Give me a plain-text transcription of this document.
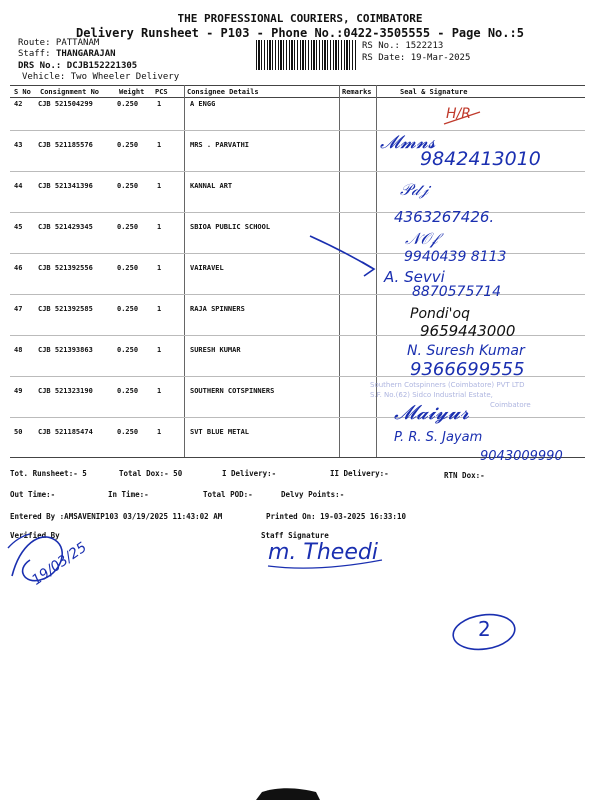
THE PROFESSIONAL COURIERS, COIMBATORE
Delivery Runsheet - P103 - Phone No.:0422-3505555 - Page No.:5
Route: PATTANAM
Staff: THANGARAJAN
DRS No.: DCJB152221305
Vehicle: Two Wheeler Delivery
RS No.: 1522213
RS Date: 19-Mar-2025
S No Consignment No	Weight PCS	Consignee Details	Remarks	Seal & Signature
42 CJB 521504299	0.250	1	A ENGG
43 CJB 521185576	0.250	1	MRS . PARVATHI
44 CJB 521341396	0.250	1	KANNAL ART
45 CJB 521429345	0.250	1	SBIOA PUBLIC SCHOOL
46 CJB 521392556	0.250	1	VAIRAVEL
47 CJB 521392585	0.250	1	RAJA SPINNERS
48 CJB 521393863	0.250	1	SURESH KUMAR
49 CJB 521323190	0.250	1	SOUTHERN COTSPINNERS
50 CJB 521185474	0.250	1	SVT BLUE METAL
Southern Cotspinners (Coimbatore) PVT LTD
S.F. No.(62) Sidco Industrial Estate,
Coimbatore
H/R
𝓜𝓶𝓷𝓼
9842413010
𝒫𝒹𝒿
4363267426.
𝒩𝒪𝒻
9940439 8113
A. Sevvi
8870575714
Pondi'oq
9659443000
N. Suresh Kumar
9366699555
𝓜𝓪𝓲𝔂𝓾𝓻
P. R. S. Jayam
9043009990
Tot. Runsheet:- 5	Total Dox:- 50	I Delivery:-	II Delivery:-	RTN Dox:-
Out Time:-	In Time:-	Total POD:-	Delvy Points:-
Entered By :AMSAVENIP103 03/19/2025 11:43:02 AM	Printed On: 19-03-2025 16:33:10
Verified By	Staff Signature
m. Theedi
19/03/25
2
